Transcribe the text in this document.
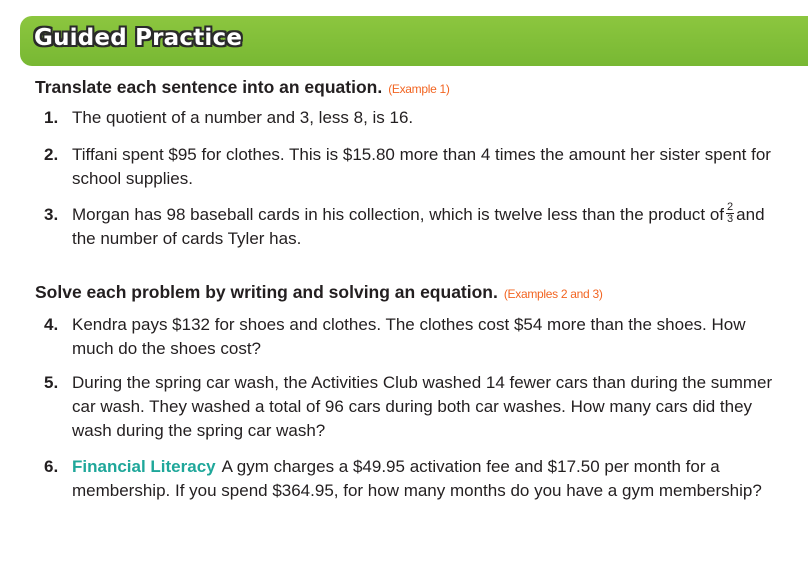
Guided Practice
Translate each sentence into an equation. (Example 1)
1. The quotient of a number and 3, less 8, is 16.
2. Tiffani spent $95 for clothes. This is $15.80 more than 4 times the amount her sister spent for school supplies.
3. Morgan has 98 baseball cards in his collection, which is twelve less than the product of $\frac{2}{3}$ and the number of cards Tyler has.
Solve each problem by writing and solving an equation. (Examples 2 and 3)
4. Kendra pays $132 for shoes and clothes. The clothes cost $54 more than the shoes. How much do the shoes cost?
5. During the spring car wash, the Activities Club washed 14 fewer cars than during the summer car wash. They washed a total of 96 cars during both car washes. How many cars did they wash during the spring car wash?
6. Financial Literacy A gym charges a $49.95 activation fee and $17.50 per month for a membership. If you spend $364.95, for how many months do you have a gym membership?
